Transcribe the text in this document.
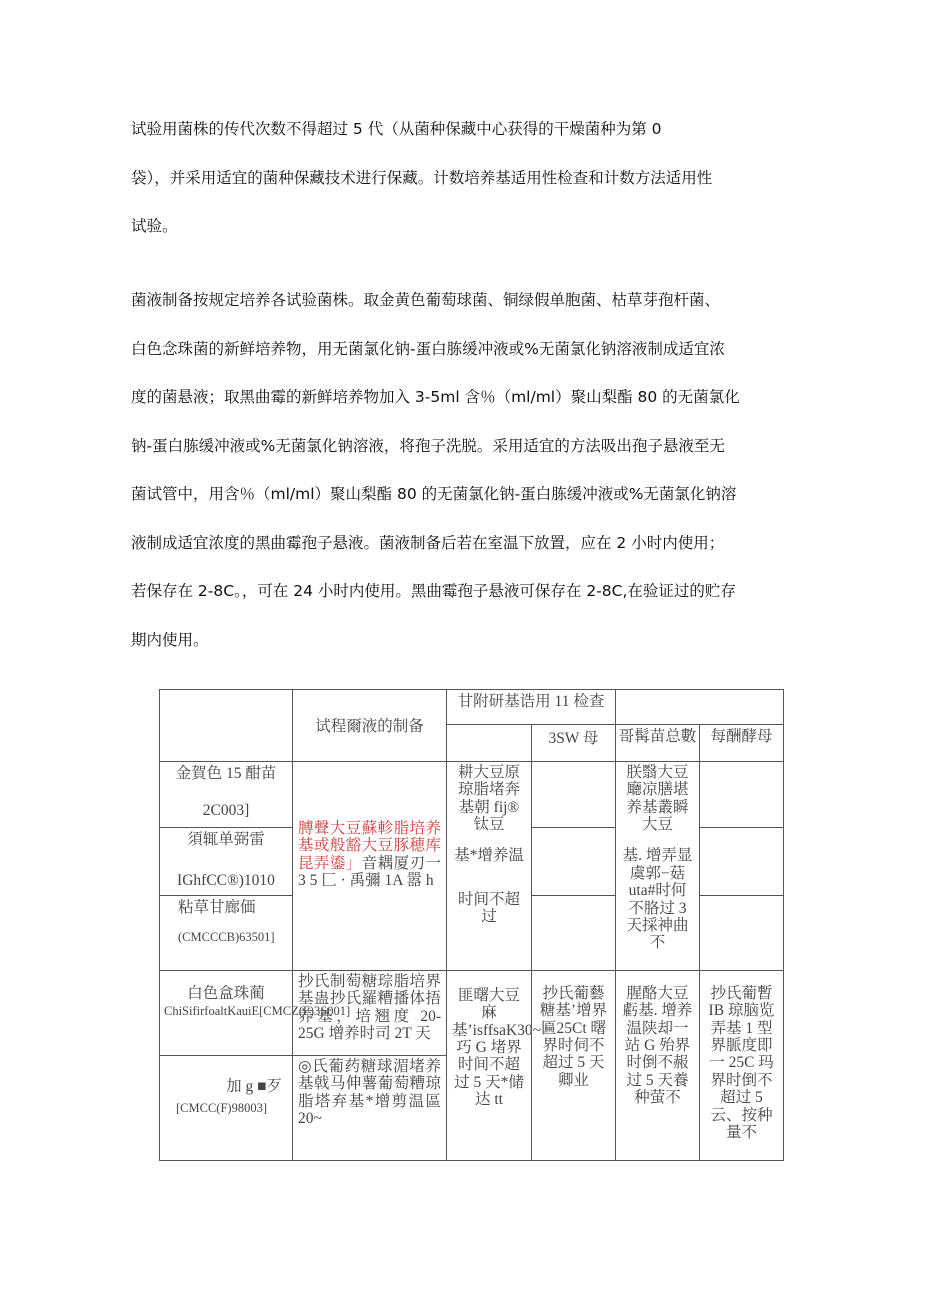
试验用菌株的传代次数不得超过 5 代（从菌种保藏中心获得的干燥菌种为第 0
袋），并采用适宜的菌种保藏技术进行保藏。计数培养基适用性检查和计数方法适用性
试验。
菌液制备按规定培养各试验菌株。取金黄色葡萄球菌、铜绿假单胞菌、枯草芽孢杆菌、
白色念珠菌的新鲜培养物，用无菌氯化钠-蛋白胨缓冲液或%无菌氯化钠溶液制成适宜浓
度的菌悬液；取黑曲霉的新鲜培养物加入 3-5ml 含％（ml/ml）聚山梨酯 80 的无菌氯化
钠-蛋白胨缓冲液或%无菌氯化钠溶液，将孢子洗脱。采用适宜的方法吸出孢子悬液至无
菌试管中，用含％（ml/ml）聚山梨酯 80 的无菌氯化钠-蛋白胨缓冲液或%无菌氯化钠溶
液制成适宜浓度的黑曲霉孢子悬液。菌液制备后若在室温下放置，应在 2 小时内使用；
若保存在 2-8C。，可在 24 小时内使用。黑曲霉孢子悬液可保存在 2-8C,在验证过的贮存
期内使用。
试程爾液的制备
甘附研基诰用 11 检查
3SW 母	哥髯苗总數 每酬酵母
金賀色 15 酣苗
2C003]
須辄单弼雷
IGhfCC®)1010
粘草甘廊価
(CMCCCB)63501]
膊聲大豆蘇軫脂培养基或般豁大豆豚穂库昆弄鎏」音耦厦刃一 3 5 匚 · 禹彌 1A 嚣 h
耕大豆原琼脂堵奔基朝 fij®钛豆
基*增养温
时间不超过
朕翳大豆廰凉膳堪养基叢瞬大豆
基. 增弄显虞郭−菇 uta#时何不胳过 3 天採神曲不
白色盒珠蔺
ChiSifirfoaltKauiE[CMCZ(F)3S001]
抄氏制萄糖琮脂培界基蛊抄氏羅糟播体捂养基，培翘度 20-25G 增养时司 2T 天
匪曙大豆麻基’isffsaK30~巧 G 堵界时间不超过 5 天*储达 tt
抄氏葡藝糖基’增界匾25Ct 曙界时伺不超过 5 天卿业
腥酪大豆虧基. 增养温陕却一站 G 殆界时倒不赧过 5 天養种萤不
抄氏葡暫 IB 琼脑览弄基 1 型界脈度即一 25C 玛界时倒不超过 5 云、按种量不
加 g ■歹
[CMCC(F)98003]
◎氏葡药糖球湄堵养基戟马伸薯葡萄糟琼脂塔弃基*增剪温區 20~
